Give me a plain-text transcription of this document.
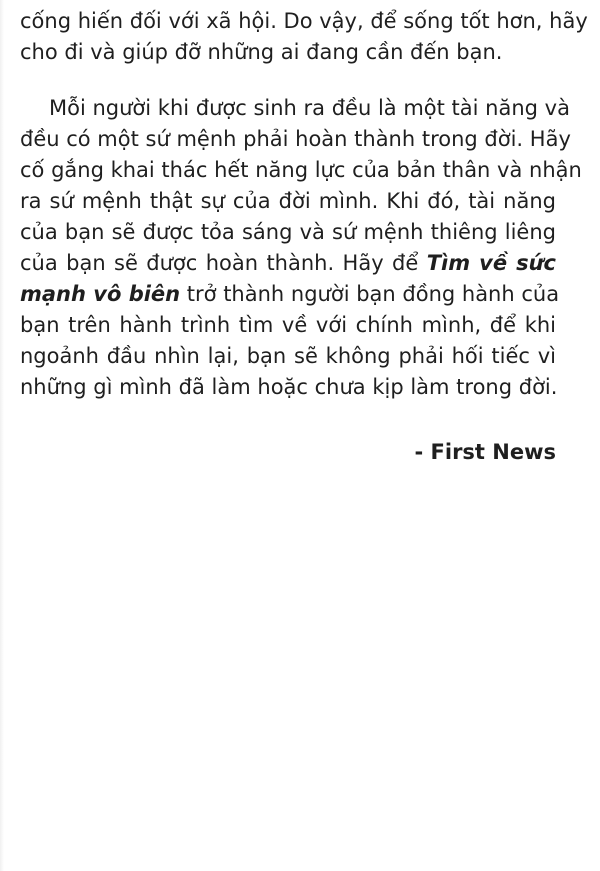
cống hiến đối với xã hội. Do vậy, để sống tốt hơn, hãy
cho đi và giúp đỡ những ai đang cần đến bạn.
Mỗi người khi được sinh ra đều là một tài năng và
đều có một sứ mệnh phải hoàn thành trong đời. Hãy
cố gắng khai thác hết năng lực của bản thân và nhận
ra sứ mệnh thật sự của đời mình. Khi đó, tài năng
của bạn sẽ được tỏa sáng và sứ mệnh thiêng liêng
của bạn sẽ được hoàn thành. Hãy để Tìm về sức
mạnh vô biên trở thành người bạn đồng hành của
bạn trên hành trình tìm về với chính mình, để khi
ngoảnh đầu nhìn lại, bạn sẽ không phải hối tiếc vì
những gì mình đã làm hoặc chưa kịp làm trong đời.
- First News
